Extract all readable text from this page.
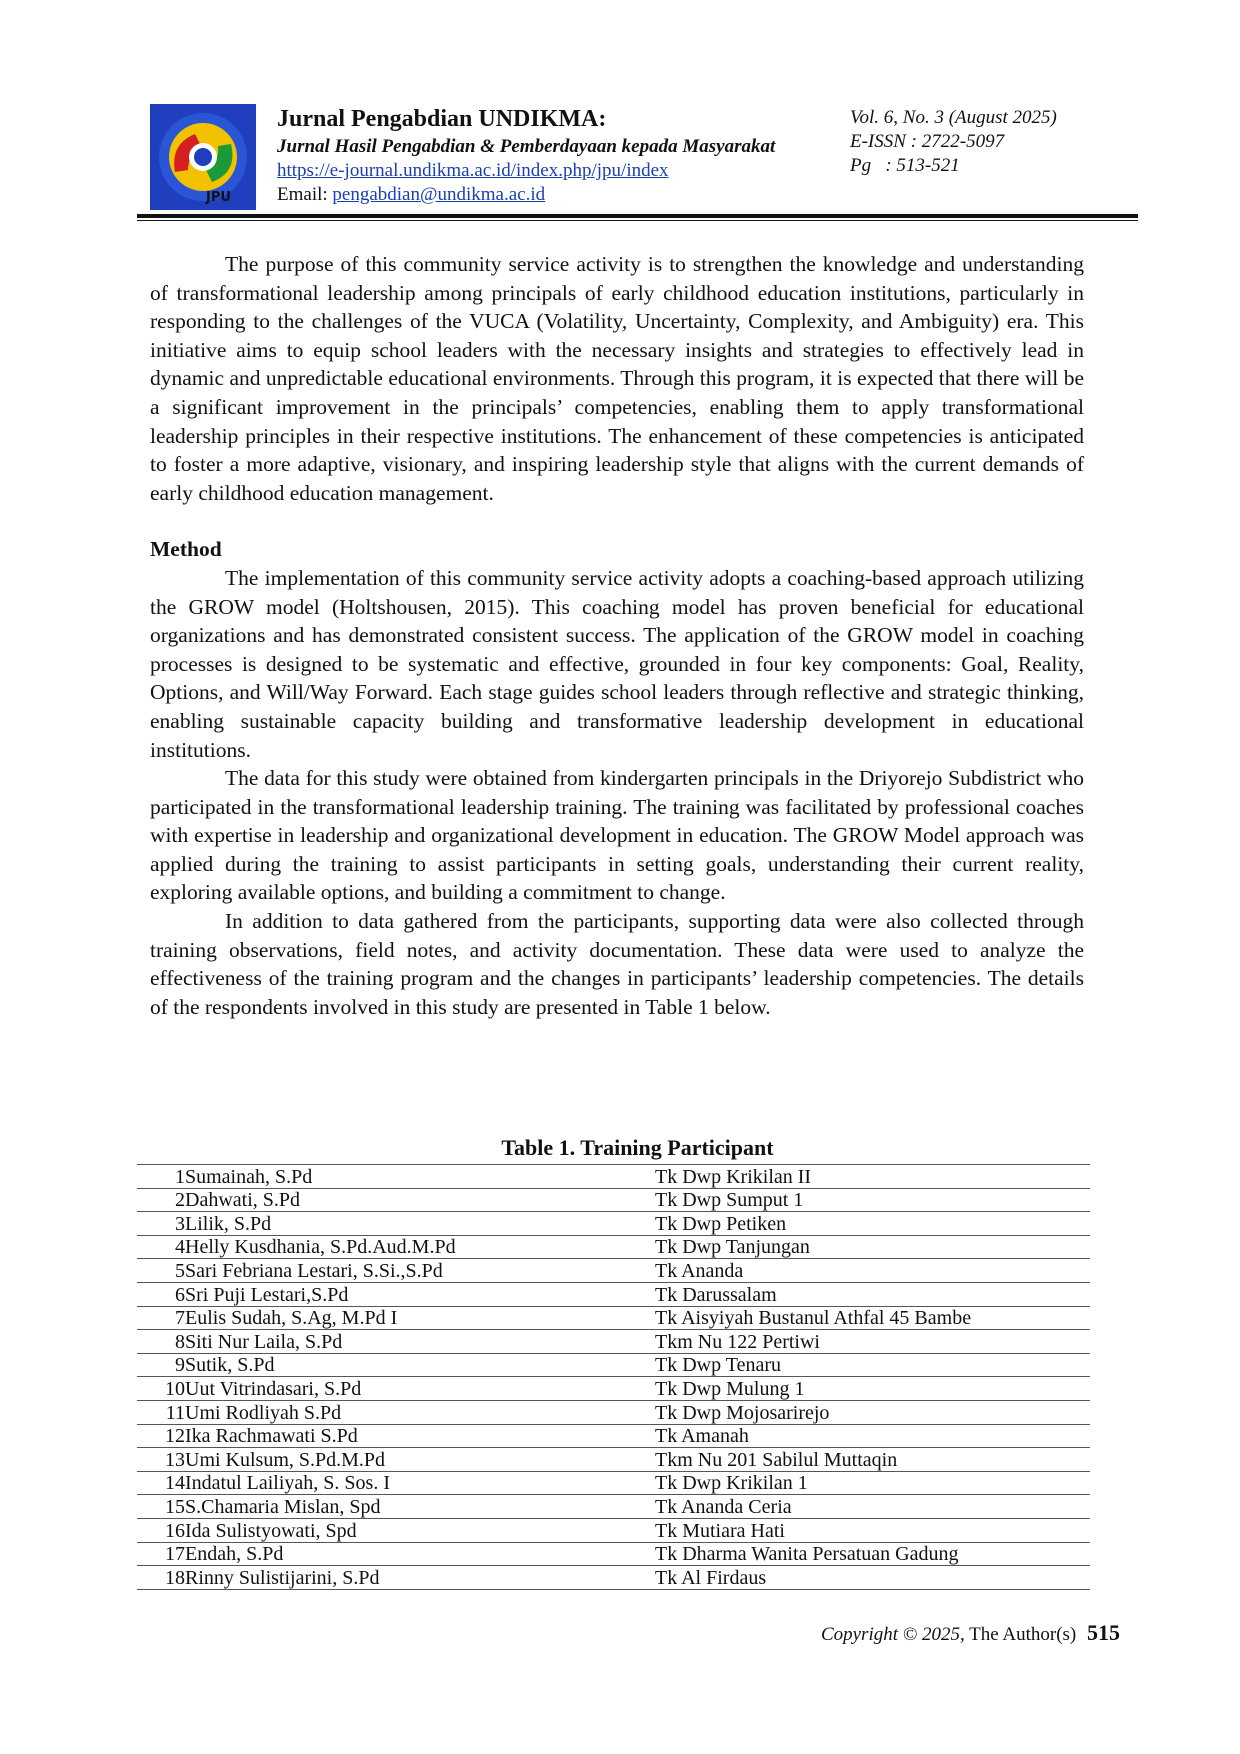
JPU
Jurnal Pengabdian UNDIKMA:
Jurnal Hasil Pengabdian & Pemberdayaan kepada Masyarakat
https://e-journal.undikma.ac.id/index.php/jpu/index
Email: pengabdian@undikma.ac.id
Vol. 6, No. 3 (August 2025)
E-ISSN : 2722-5097
Pg   : 513-521

The purpose of this community service activity is to strengthen the knowledge and understanding of transformational leadership among principals of early childhood education institutions, particularly in responding to the challenges of the VUCA (Volatility, Uncertainty, Complexity, and Ambiguity) era. This initiative aims to equip school leaders with the necessary insights and strategies to effectively lead in dynamic and unpredictable educational environments. Through this program, it is expected that there will be a significant improvement in the principals’ competencies, enabling them to apply transformational leadership principles in their respective institutions. The enhancement of these competencies is anticipated to foster a more adaptive, visionary, and inspiring leadership style that aligns with the current demands of early childhood education management.

Method

The implementation of this community service activity adopts a coaching-based approach utilizing the GROW model (Holtshousen, 2015). This coaching model has proven beneficial for educational organizations and has demonstrated consistent success. The application of the GROW model in coaching processes is designed to be systematic and effective, grounded in four key components: Goal, Reality, Options, and Will/Way Forward. Each stage guides school leaders through reflective and strategic thinking, enabling sustainable capacity building and transformative leadership development in educational institutions.

The data for this study were obtained from kindergarten principals in the Driyorejo Subdistrict who participated in the transformational leadership training. The training was facilitated by professional coaches with expertise in leadership and organizational development in education. The GROW Model approach was applied during the training to assist participants in setting goals, understanding their current reality, exploring available options, and building a commitment to change.

In addition to data gathered from the participants, supporting data were also collected through training observations, field notes, and activity documentation. These data were used to analyze the effectiveness of the training program and the changes in participants’ leadership competencies. The details of the respondents involved in this study are presented in Table 1 below.

Table 1. Training Participant
1	Sumainah, S.Pd	Tk Dwp Krikilan II
2	Dahwati, S.Pd	Tk Dwp Sumput 1
3	Lilik, S.Pd	Tk Dwp Petiken
4	Helly Kusdhania, S.Pd.Aud.M.Pd	Tk Dwp Tanjungan
5	Sari Febriana Lestari, S.Si.,S.Pd	Tk Ananda
6	Sri Puji Lestari,S.Pd	Tk Darussalam
7	Eulis Sudah, S.Ag, M.Pd I	Tk Aisyiyah Bustanul Athfal 45 Bambe
8	Siti Nur Laila, S.Pd	Tkm Nu 122 Pertiwi
9	Sutik, S.Pd	Tk Dwp Tenaru
10	Uut Vitrindasari, S.Pd	Tk Dwp Mulung 1
11	Umi Rodliyah S.Pd	Tk Dwp Mojosarirejo
12	Ika Rachmawati S.Pd	Tk Amanah
13	Umi Kulsum, S.Pd.M.Pd	Tkm Nu 201 Sabilul Muttaqin
14	Indatul Lailiyah, S. Sos. I	Tk Dwp Krikilan 1
15	S.Chamaria Mislan, Spd	Tk Ananda Ceria
16	Ida Sulistyowati, Spd	Tk Mutiara Hati
17	Endah, S.Pd	Tk Dharma Wanita Persatuan Gadung
18	Rinny Sulistijarini, S.Pd	Tk Al Firdaus
Copyright © 2025, The Author(s) 515
